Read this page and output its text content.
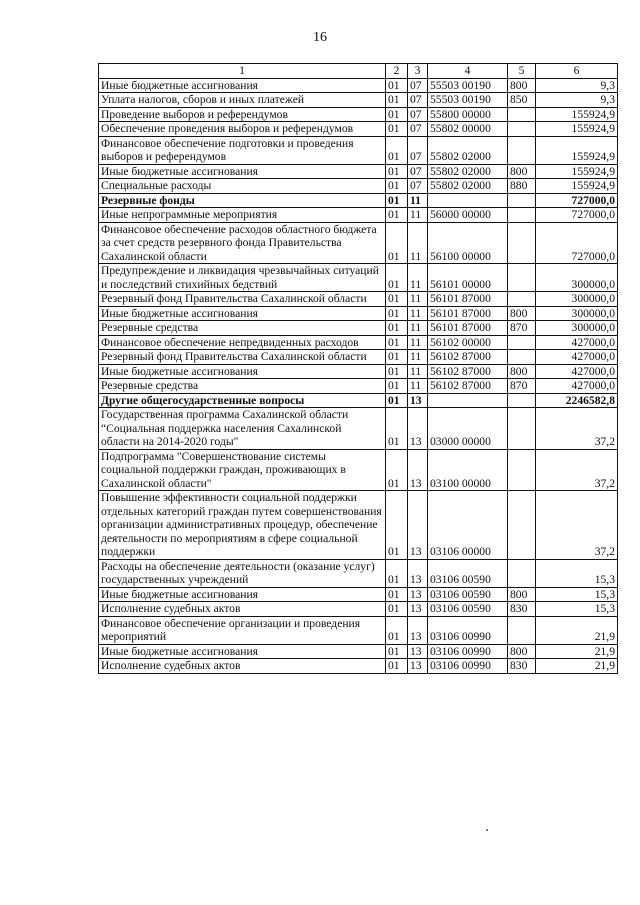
16
1	2	3	4	5	6
Иные бюджетные ассигнования	01	07	55503 00190	800	9,3
Уплата налогов, сборов и иных платежей	01	07	55503 00190	850	9,3
Проведение выборов и референдумов	01	07	55800 00000		155924,9
Обеспечение проведения выборов и референдумов	01	07	55802 00000		155924,9
Финансовое обеспечение подготовки и проведения выборов и референдумов	01	07	55802 02000		155924,9
Иные бюджетные ассигнования	01	07	55802 02000	800	155924,9
Специальные расходы	01	07	55802 02000	880	155924,9
Резервные фонды	01	11			727000,0
Иные непрограммные мероприятия	01	11	56000 00000		727000,0
Финансовое обеспечение расходов областного бюджета за счет средств резервного фонда Правительства Сахалинской области	01	11	56100 00000		727000,0
Предупреждение и ликвидация чрезвычайных ситуаций и последствий стихийных бедствий	01	11	56101 00000		300000,0
Резервный фонд Правительства Сахалинской области	01	11	56101 87000		300000,0
Иные бюджетные ассигнования	01	11	56101 87000	800	300000,0
Резервные средства	01	11	56101 87000	870	300000,0
Финансовое обеспечение непредвиденных расходов	01	11	56102 00000		427000,0
Резервный фонд Правительства Сахалинской области	01	11	56102 87000		427000,0
Иные бюджетные ассигнования	01	11	56102 87000	800	427000,0
Резервные средства	01	11	56102 87000	870	427000,0
Другие общегосударственные вопросы	01	13			2246582,8
Государственная программа Сахалинской области “Социальная поддержка населения Сахалинской области на 2014-2020 годы"	01	13	03000 00000		37,2
Подпрограмма "Совершенствование системы социальной поддержки граждан, проживающих в Сахалинской области"	01	13	03100 00000		37,2
Повышение эффективности социальной поддержки отдельных категорий граждан путем совершенствования организации административных процедур, обеспечение деятельности по мероприятиям в сфере социальной поддержки	01	13	03106 00000		37,2
Расходы на обеспечение деятельности (оказание услуг) государственных учреждений	01	13	03106 00590		15,3
Иные бюджетные ассигнования	01	13	03106 00590	800	15,3
Исполнение судебных актов	01	13	03106 00590	830	15,3
Финансовое обеспечение организации и проведения мероприятий	01	13	03106 00990		21,9
Иные бюджетные ассигнования	01	13	03106 00990	800	21,9
Исполнение судебных актов	01	13	03106 00990	830	21,9
